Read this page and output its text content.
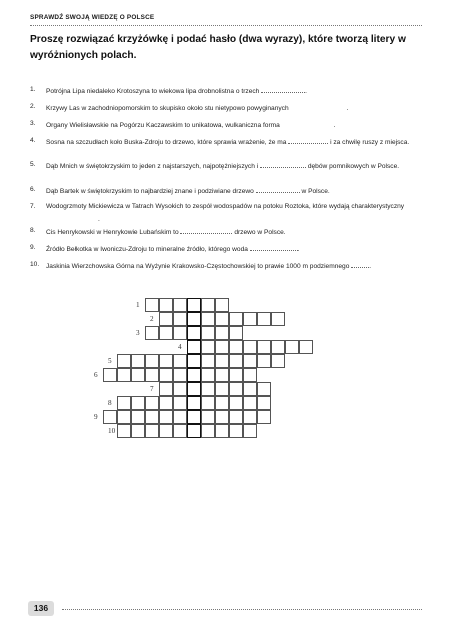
SPRAWDŹ SWOJĄ WIEDZĘ O POLSCE
Proszę rozwiązać krzyżówkę i podać hasło (dwa wyrazy), które tworzą litery w wyróżnionych polach.
1. Potrójna Lipa niedaleko Krotoszyna to wiekowa lipa drobnolistna o trzech	.
2. Krzywy Las w zachodniopomorskim to skupisko około stu nietypowo powyginanych	.
3. Organy Wielisławskie na Pogórzu Kaczawskim to unikatowa, wulkaniczna forma	.
4. Sosna na szczudłach koło Buska-Zdroju to drzewo, które sprawia wrażenie, że ma	i za chwilę ruszy z miejsca.
5. Dąb Mnich w świętokrzyskim to jeden z najstarszych, najpotężniejszych i	dębów pomnikowych w Polsce.
6. Dąb Bartek w świętokrzyskim to najbardziej znane i podziwiane drzewo	w Polsce.
7. Wodogrzmoty Mickiewicza w Tatrach Wysokich to zespół wodospadów na potoku Roztoka, które wydają charakterystyczny .
8. Cis Henrykowski w Henrykowie Lubańskim to	drzewo w Polsce.
9. Źródło Bełkotka w Iwoniczu-Zdroju to mineralne źródło, którego woda	.
10. Jaskinia Wierzchowska Górna na Wyżynie Krakowsko-Częstochowskiej to prawie 1000 m podziemnego	.
1
2
3
4
5
6
7
8
9
10
136
